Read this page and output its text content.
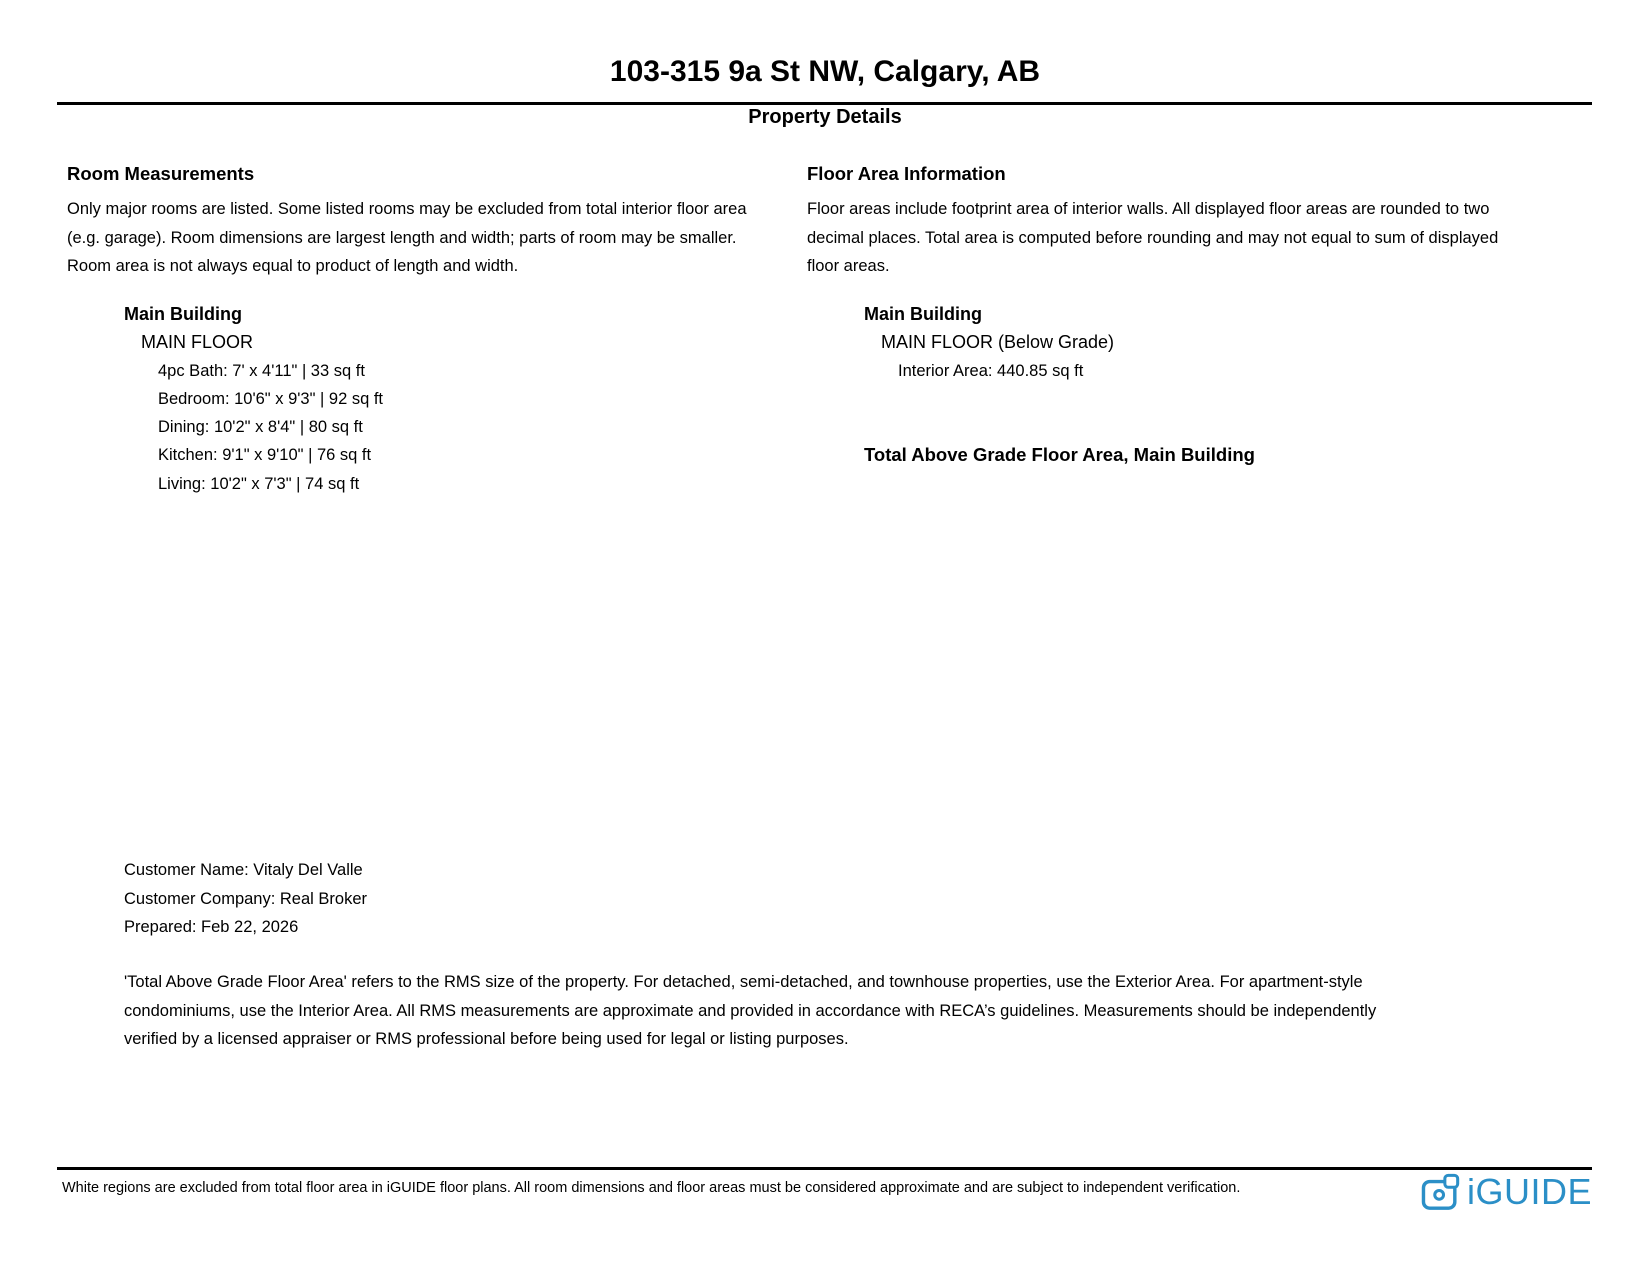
103-315 9a St NW, Calgary, AB
Property Details
Room Measurements

Only major rooms are listed. Some listed rooms may be excluded from total interior floor area (e.g. garage). Room dimensions are largest length and width; parts of room may be smaller. Room area is not always equal to product of length and width.

Floor Area Information

Floor areas include footprint area of interior walls. All displayed floor areas are rounded to two decimal places. Total area is computed before rounding and may not equal to sum of displayed floor areas.

Main Building
MAIN FLOOR
4pc Bath: 7' x 4'11" | 33 sq ft
Bedroom: 10'6" x 9'3" | 92 sq ft
Dining: 10'2" x 8'4" | 80 sq ft
Kitchen: 9'1" x 9'10" | 76 sq ft
Living: 10'2" x 7'3" | 74 sq ft
Main Building
MAIN FLOOR (Below Grade)
Interior Area: 440.85 sq ft
Total Above Grade Floor Area, Main Building
Customer Name: Vitaly Del Valle
Customer Company: Real Broker
Prepared: Feb 22, 2026

'Total Above Grade Floor Area' refers to the RMS size of the property. For detached, semi-detached, and townhouse properties, use the Exterior Area. For apartment-style condominiums, use the Interior Area. All RMS measurements are approximate and provided in accordance with RECA’s guidelines. Measurements should be independently verified by a licensed appraiser or RMS professional before being used for legal or listing purposes.

White regions are excluded from total floor area in iGUIDE floor plans. All room dimensions and floor areas must be considered approximate and are subject to independent verification.	iGUIDE
